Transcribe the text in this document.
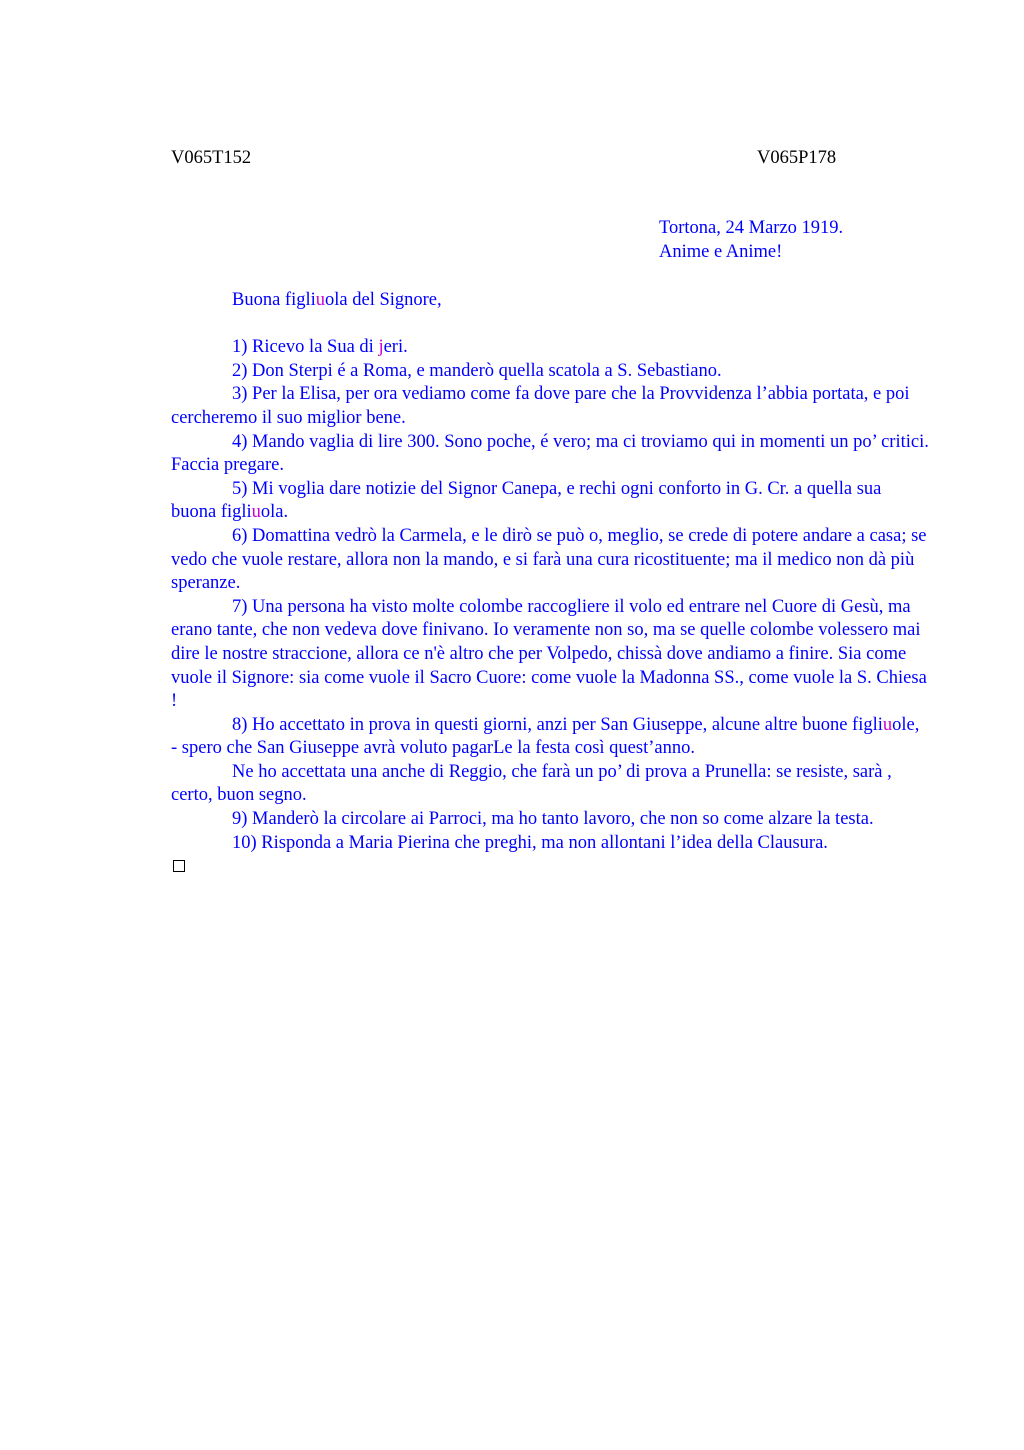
V065T152	V065P178
Tortona, 24 Marzo 1919.
Anime e Anime!

Buona figliuola del Signore,

1) Ricevo la Sua di jeri.

2) Don Sterpi é a Roma, e manderò quella scatola a S. Sebastiano.

3) Per la Elisa, per ora vediamo come fa dove pare che la Provvidenza l’abbia portata, e poi cercheremo il suo miglior bene.

4) Mando vaglia di lire 300. Sono poche, é vero; ma ci troviamo qui in momenti un po’ critici. Faccia pregare.

5) Mi voglia dare notizie del Signor Canepa, e rechi ogni conforto in G. Cr. a quella sua buona figliuola.

6) Domattina vedrò la Carmela, e le dirò se può o, meglio, se crede di potere andare a casa; se vedo che vuole restare, allora non la mando, e si farà una cura ricostituente; ma il medico non dà più speranze.

7) Una persona ha visto molte colombe raccogliere il volo ed entrare nel Cuore di Gesù, ma erano tante, che non vedeva dove finivano. Io veramente non so, ma se quelle colombe volessero mai dire le nostre straccione, allora ce n'è altro che per Volpedo, chissà dove andiamo a finire. Sia come vuole il Signore: sia come vuole il Sacro Cuore: come vuole la Madonna SS., come vuole la S. Chiesa !

8) Ho accettato in prova in questi giorni, anzi per San Giuseppe, alcune altre buone figliuole, - spero che San Giuseppe avrà voluto pagarLe la festa così quest’anno.

Ne ho accettata una anche di Reggio, che farà un po’ di prova a Prunella: se resiste, sarà , certo, buon segno.

9) Manderò la circolare ai Parroci, ma ho tanto lavoro, che non so come alzare la testa.

10) Risponda a Maria Pierina che preghi, ma non allontani l’idea della Clausura.
